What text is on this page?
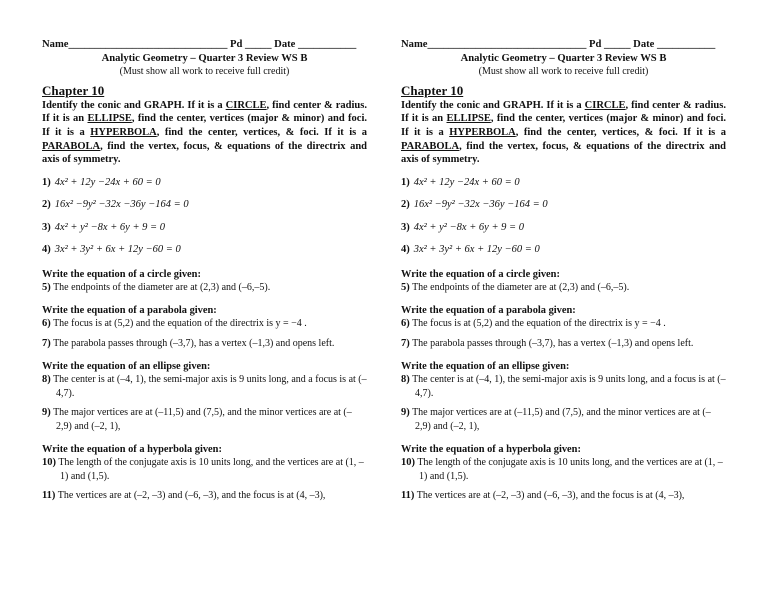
Name______________________________ Pd _____ Date ___________
Analytic Geometry – Quarter 3 Review WS B
(Must show all work to receive full credit)
Chapter 10
Identify the conic and GRAPH. If it is a CIRCLE, find center & radius. If it is an ELLIPSE, find the center, vertices (major & minor) and foci. If it is a HYPERBOLA, find the center, vertices, & foci. If it is a PARABOLA, find the vertex, focus, & equations of the directrix and axis of symmetry.
1) 4x² + 12y −24x + 60 = 0
2) 16x² −9y² −32x −36y −164 = 0
3) 4x² + y² −8x + 6y + 9 = 0
4) 3x² + 3y² + 6x + 12y −60 = 0
Write the equation of a circle given:
5) The endpoints of the diameter are at (2,3) and (–6,–5).
Write the equation of a parabola given:
6) The focus is at (5,2) and the equation of the directrix is y = −4 .
7) The parabola passes through (–3,7), has a vertex (–1,3) and opens left.
Write the equation of an ellipse given:
8) The center is at (–4, 1), the semi-major axis is 9 units long, and a focus is at (–4,7).
9) The major vertices are at (–11,5) and (7,5), and the minor vertices are at (–2,9) and (–2, 1),
Write the equation of a hyperbola given:
10) The length of the conjugate axis is 10 units long, and the vertices are at (1, –1) and (1,5).
11) The vertices are at (–2, –3) and (–6, –3), and the focus is at (4, –3),
Name______________________________ Pd _____ Date ___________
Analytic Geometry – Quarter 3 Review WS B
(Must show all work to receive full credit)
Chapter 10
Identify the conic and GRAPH. If it is a CIRCLE, find center & radius. If it is an ELLIPSE, find the center, vertices (major & minor) and foci. If it is a HYPERBOLA, find the center, vertices, & foci. If it is a PARABOLA, find the vertex, focus, & equations of the directrix and axis of symmetry.
1) 4x² + 12y −24x + 60 = 0
2) 16x² −9y² −32x −36y −164 = 0
3) 4x² + y² −8x + 6y + 9 = 0
4) 3x² + 3y² + 6x + 12y −60 = 0
Write the equation of a circle given:
5) The endpoints of the diameter are at (2,3) and (–6,–5).
Write the equation of a parabola given:
6) The focus is at (5,2) and the equation of the directrix is y = −4 .
7) The parabola passes through (–3,7), has a vertex (–1,3) and opens left.
Write the equation of an ellipse given:
8) The center is at (–4, 1), the semi-major axis is 9 units long, and a focus is at (–4,7).
9) The major vertices are at (–11,5) and (7,5), and the minor vertices are at (–2,9) and (–2, 1),
Write the equation of a hyperbola given:
10) The length of the conjugate axis is 10 units long, and the vertices are at (1, –1) and (1,5).
11) The vertices are at (–2, –3) and (–6, –3), and the focus is at (4, –3),
